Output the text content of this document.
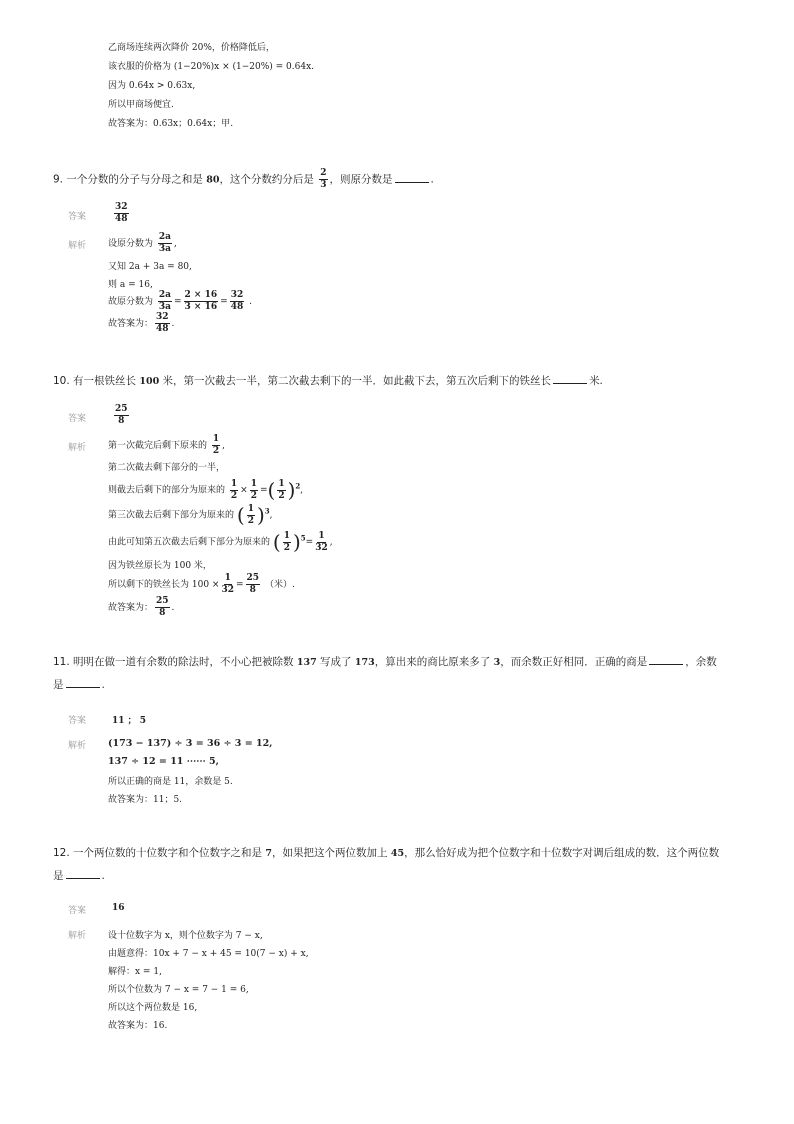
乙商场连续两次降价 20%，价格降低后，
该衣服的价格为 (1−20%)x × (1−20%) = 0.64x.
因为 0.64x > 0.63x,
所以甲商场便宜.
故答案为：0.63x；0.64x；甲.
9. 一个分数的分子与分母之和是 80，这个分数约分后是 $\frac{2}{3}$ ，则原分数是	.
答案	$\frac{32}{48}$
解析 设原分数为 $\frac{2a}{3a}$ ,
又知 2a + 3a = 80,
则 a = 16,
故原分数为 $\frac{2a}{3a} = \frac{2 \times 16}{3 \times 16} = \frac{32}{48}$ .
故答案为： $\frac{32}{48}$ .
10. 有一根铁丝长 100 米，第一次截去一半，第二次截去剩下的一半．如此截下去，第五次后剩下的铁丝长	米.
答案	$\frac{25}{8}$
解析 第一次截完后剩下原来的 $\frac{1}{2}$ ,
第二次截去剩下部分的一半，
则截去后剩下的部分为原来的 $\frac{1}{2} \times \frac{1}{2}$ =( $\frac{1}{2} )^2$,
第三次截去后剩下部分为原来的 ( $\frac{1}{2} )^3$,
由此可知第五次截去后剩下部分为原来的 ( $\frac{1}{2} )^5= \frac{1}{32}$ ,
因为铁丝原长为 100 米，
所以剩下的铁丝长为 $100 \times \frac{1}{32} = \frac{25}{8}$ （米）.
故答案为： $\frac{25}{8}$ .
11. 明明在做一道有余数的除法时，不小心把被除数 137 写成了 173，算出来的商比原来多了 3，而余数正好相同．正确的商是	，余数
是	.
答案	11 ； 5
解析 (173 − 137) ÷ 3 = 36 ÷ 3 = 12,
137 ÷ 12 = 11 ⋯⋯ 5,
所以正确的商是 11，余数是 5.
故答案为：11；5.
12. 一个两位数的十位数字和个位数字之和是 7，如果把这个两位数加上 45，那么恰好成为把个位数字和十位数字对调后组成的数．这个两位数
是	.
答案	16
解析 设十位数字为 x，则个位数字为 7 − x,
由题意得：10x + 7 − x + 45 = 10(7 − x) + x,
解得：x = 1,
所以个位数为 7 − x = 7 − 1 = 6,
所以这个两位数是 16,
故答案为：16.
